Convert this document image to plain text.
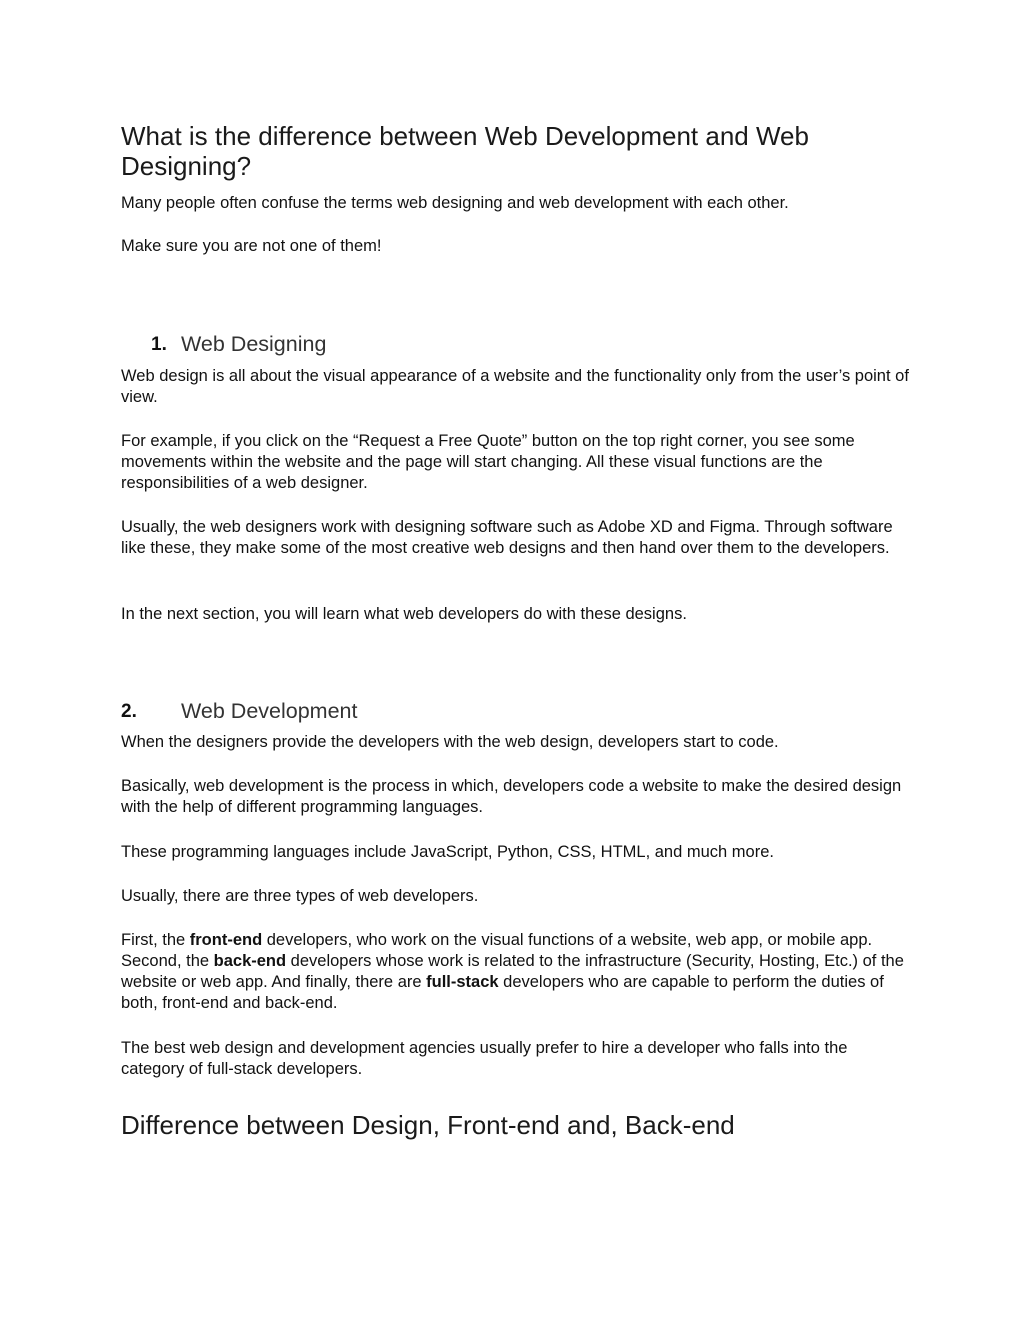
What is the difference between Web Development and Web Designing?
Many people often confuse the terms web designing and web development with each other.
Make sure you are not one of them!
1. Web Designing
Web design is all about the visual appearance of a website and the functionality only from the user’s point of view.
For example, if you click on the “Request a Free Quote” button on the top right corner, you see some movements within the website and the page will start changing. All these visual functions are the responsibilities of a web designer.
Usually, the web designers work with designing software such as Adobe XD and Figma. Through software like these, they make some of the most creative web designs and then hand over them to the developers.
In the next section, you will learn what web developers do with these designs.
2. Web Development
When the designers provide the developers with the web design, developers start to code.
Basically, web development is the process in which, developers code a website to make the desired design with the help of different programming languages.
These programming languages include JavaScript, Python, CSS, HTML, and much more.
Usually, there are three types of web developers.
First, the front-end developers, who work on the visual functions of a website, web app, or mobile app. Second, the back-end developers whose work is related to the infrastructure (Security, Hosting, Etc.) of the website or web app. And finally, there are full-stack developers who are capable to perform the duties of both, front-end and back-end.
The best web design and development agencies usually prefer to hire a developer who falls into the category of full-stack developers.
Difference between Design, Front-end and, Back-end
